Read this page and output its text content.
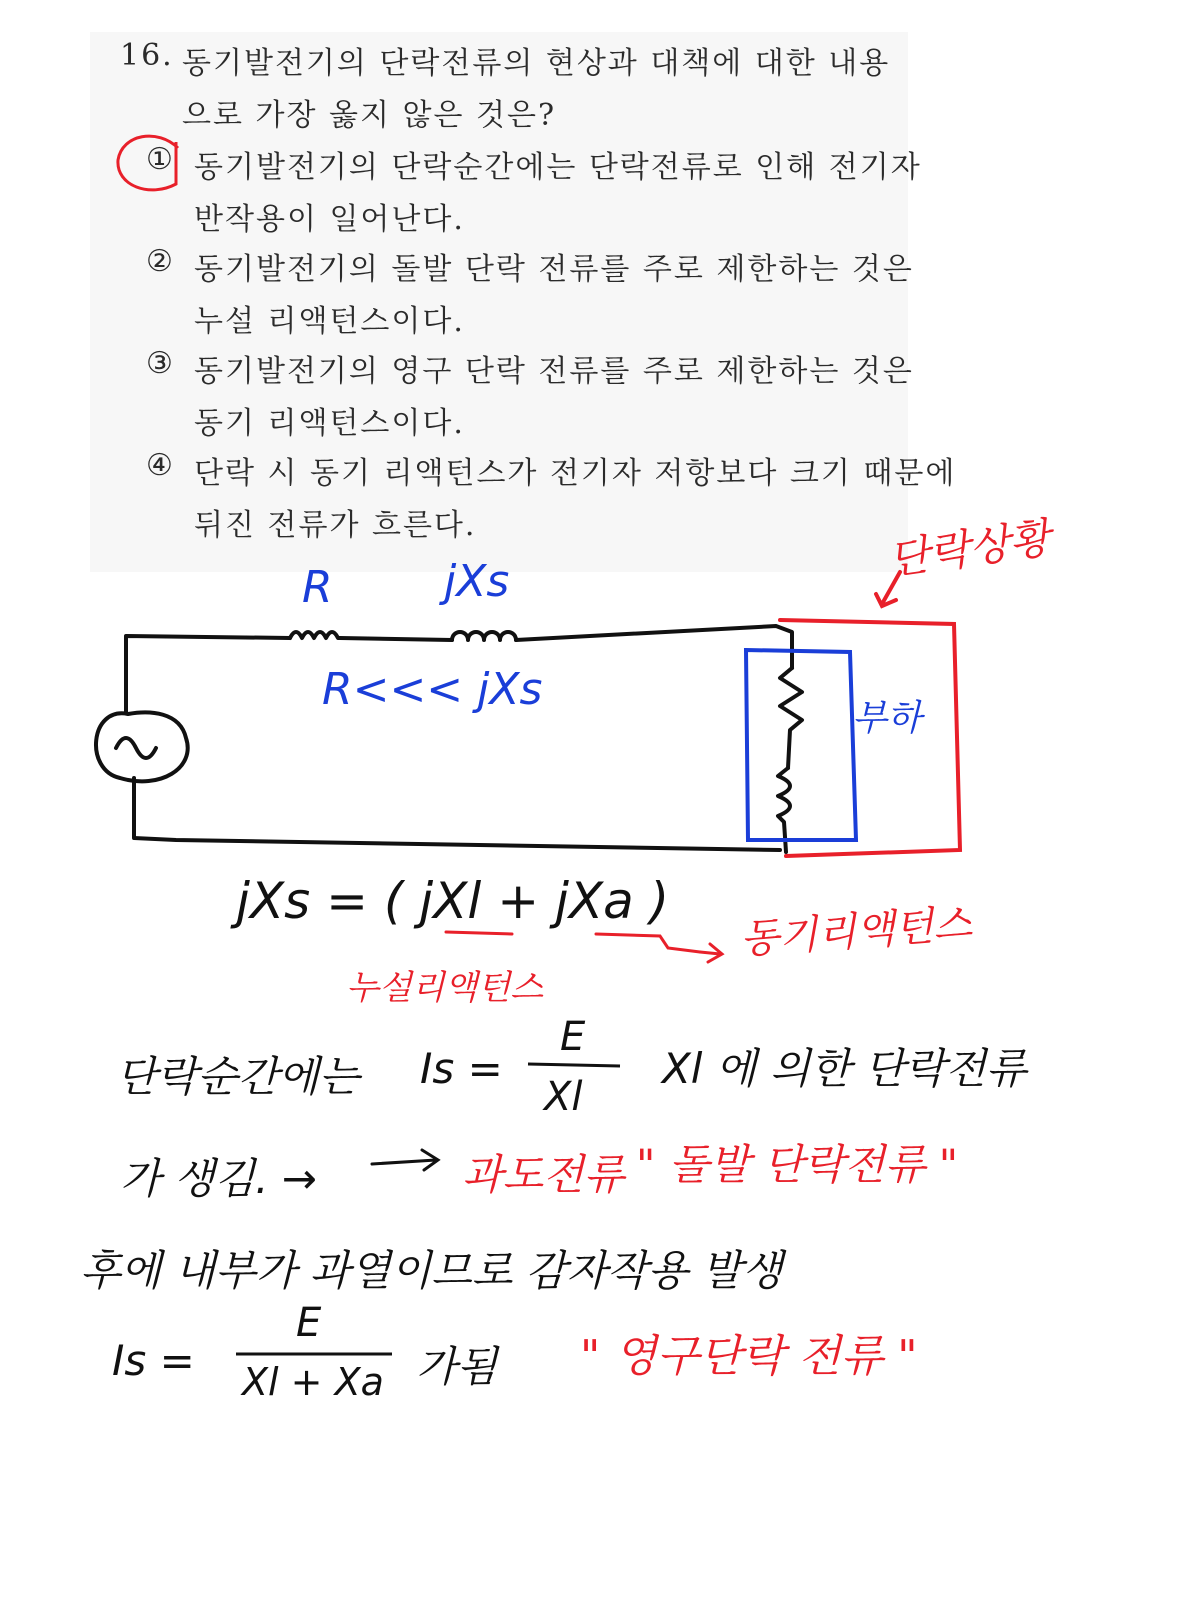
16. 동기발전기의 단락전류의 현상과 대책에 대한 내용
으로 가장 옳지 않은 것은?
① 동기발전기의 단락순간에는 단락전류로 인해 전기자
반작용이 일어난다.
② 동기발전기의 돌발 단락 전류를 주로 제한하는 것은
누설 리액턴스이다.
③ 동기발전기의 영구 단락 전류를 주로 제한하는 것은
동기 리액턴스이다.
④ 단락 시 동기 리액턴스가 전기자 저항보다 크기 때문에
뒤진 전류가 흐른다.	단락상황
R	jXs
R<<< jXs
부하
jXs = ( jXl + jXa )
누설리액턴스
동기리액턴스
단락순간에는 Is =
E
Xl
Xl 에 의한 단락전류
가 생김. →	과도전류 " 돌발 단락전류 "
후에 내부가 과열이므로 감자작용 발생
Is =
E
Xl + Xa 가됨 " 영구단락 전류 "
